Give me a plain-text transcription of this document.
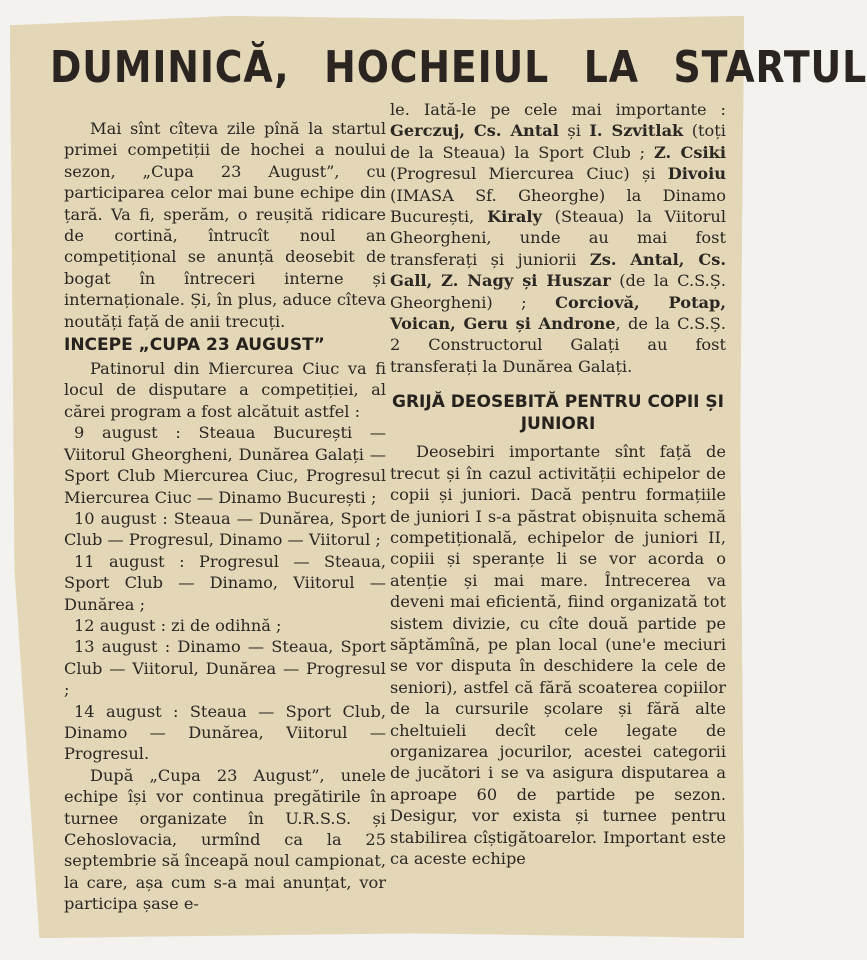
DUMINICĂ, HOCHEIUL LA STARTUL

Mai sînt cîteva zile pînă la startul primei competiții de hochei a noului sezon, „Cupa 23 August”, cu participarea celor mai bune echipe din țară. Va fi, sperăm, o reușită ridicare de cortină, întrucît noul an competițional se anunță deosebit de bogat în întreceri interne și internaționale. Și, în plus, aduce cîteva noutăți față de anii trecuți.

INCEPE „CUPA 23 AUGUST”

Patinorul din Miercurea Ciuc va fi locul de disputare a competiției, al cărei program a fost alcătuit astfel :

9 august : Steaua București — Viitorul Gheorgheni, Dunărea Galați — Sport Club Miercurea Ciuc, Progresul Miercurea Ciuc — Dinamo București ;

10 august : Steaua — Dunărea, Sport Club — Progresul, Dinamo — Viitorul ;

11 august : Progresul — Steaua, Sport Club — Dinamo, Viitorul — Dunărea ;

12 august : zi de odihnă ;

13 august : Dinamo — Steaua, Sport Club — Viitorul, Dunărea — Progresul ;

14 august : Steaua — Sport Club, Dinamo — Dunărea, Viitorul — Progresul.

După „Cupa 23 August”, unele echipe își vor continua pregătirile în turnee organizate în U.R.S.S. și Cehoslovacia, urmînd ca la 25 septembrie să înceapă noul campionat, la care, așa cum s-a mai anunțat, vor participa șase e-

le. Iată-le pe cele mai importante : Gerczuj, Cs. Antal și I. Szvitlak (toți de la Steaua) la Sport Club ; Z. Csiki (Progresul Miercurea Ciuc) și Divoiu (IMASA Sf. Gheorghe) la Dinamo București, Kiraly (Steaua) la Viitorul Gheorgheni, unde au mai fost transferați și juniorii Zs. Antal, Cs. Gall, Z. Nagy și Huszar (de la C.S.Ș. Gheorgheni) ; Corciovă, Potap, Voican, Geru și Androne, de la C.S.Ș. 2 Constructorul Galați au fost transferați la Dunărea Galați.

GRIJĂ DEOSEBITĂ PENTRU COPII ȘI JUNIORI

Deosebiri importante sînt față de trecut și în cazul activității echipelor de copii și juniori. Dacă pentru formațiile de juniori I s-a păstrat obișnuita schemă competițională, echipelor de juniori II, copiii și speranțe li se vor acorda o atenție și mai mare. Întrecerea va deveni mai eficientă, fiind organizată tot sistem divizie, cu cîte două partide pe săptămînă, pe plan local (une'e meciuri se vor disputa în deschidere la cele de seniori), astfel că fără scoaterea copiilor de la cursurile școlare și fără alte cheltuieli decît cele legate de organizarea jocurilor, acestei categorii de jucători i se va asigura disputarea a aproape 60 de partide pe sezon. Desigur, vor exista și turnee pentru stabilirea cîștigătoarelor. Important este ca aceste echipe
